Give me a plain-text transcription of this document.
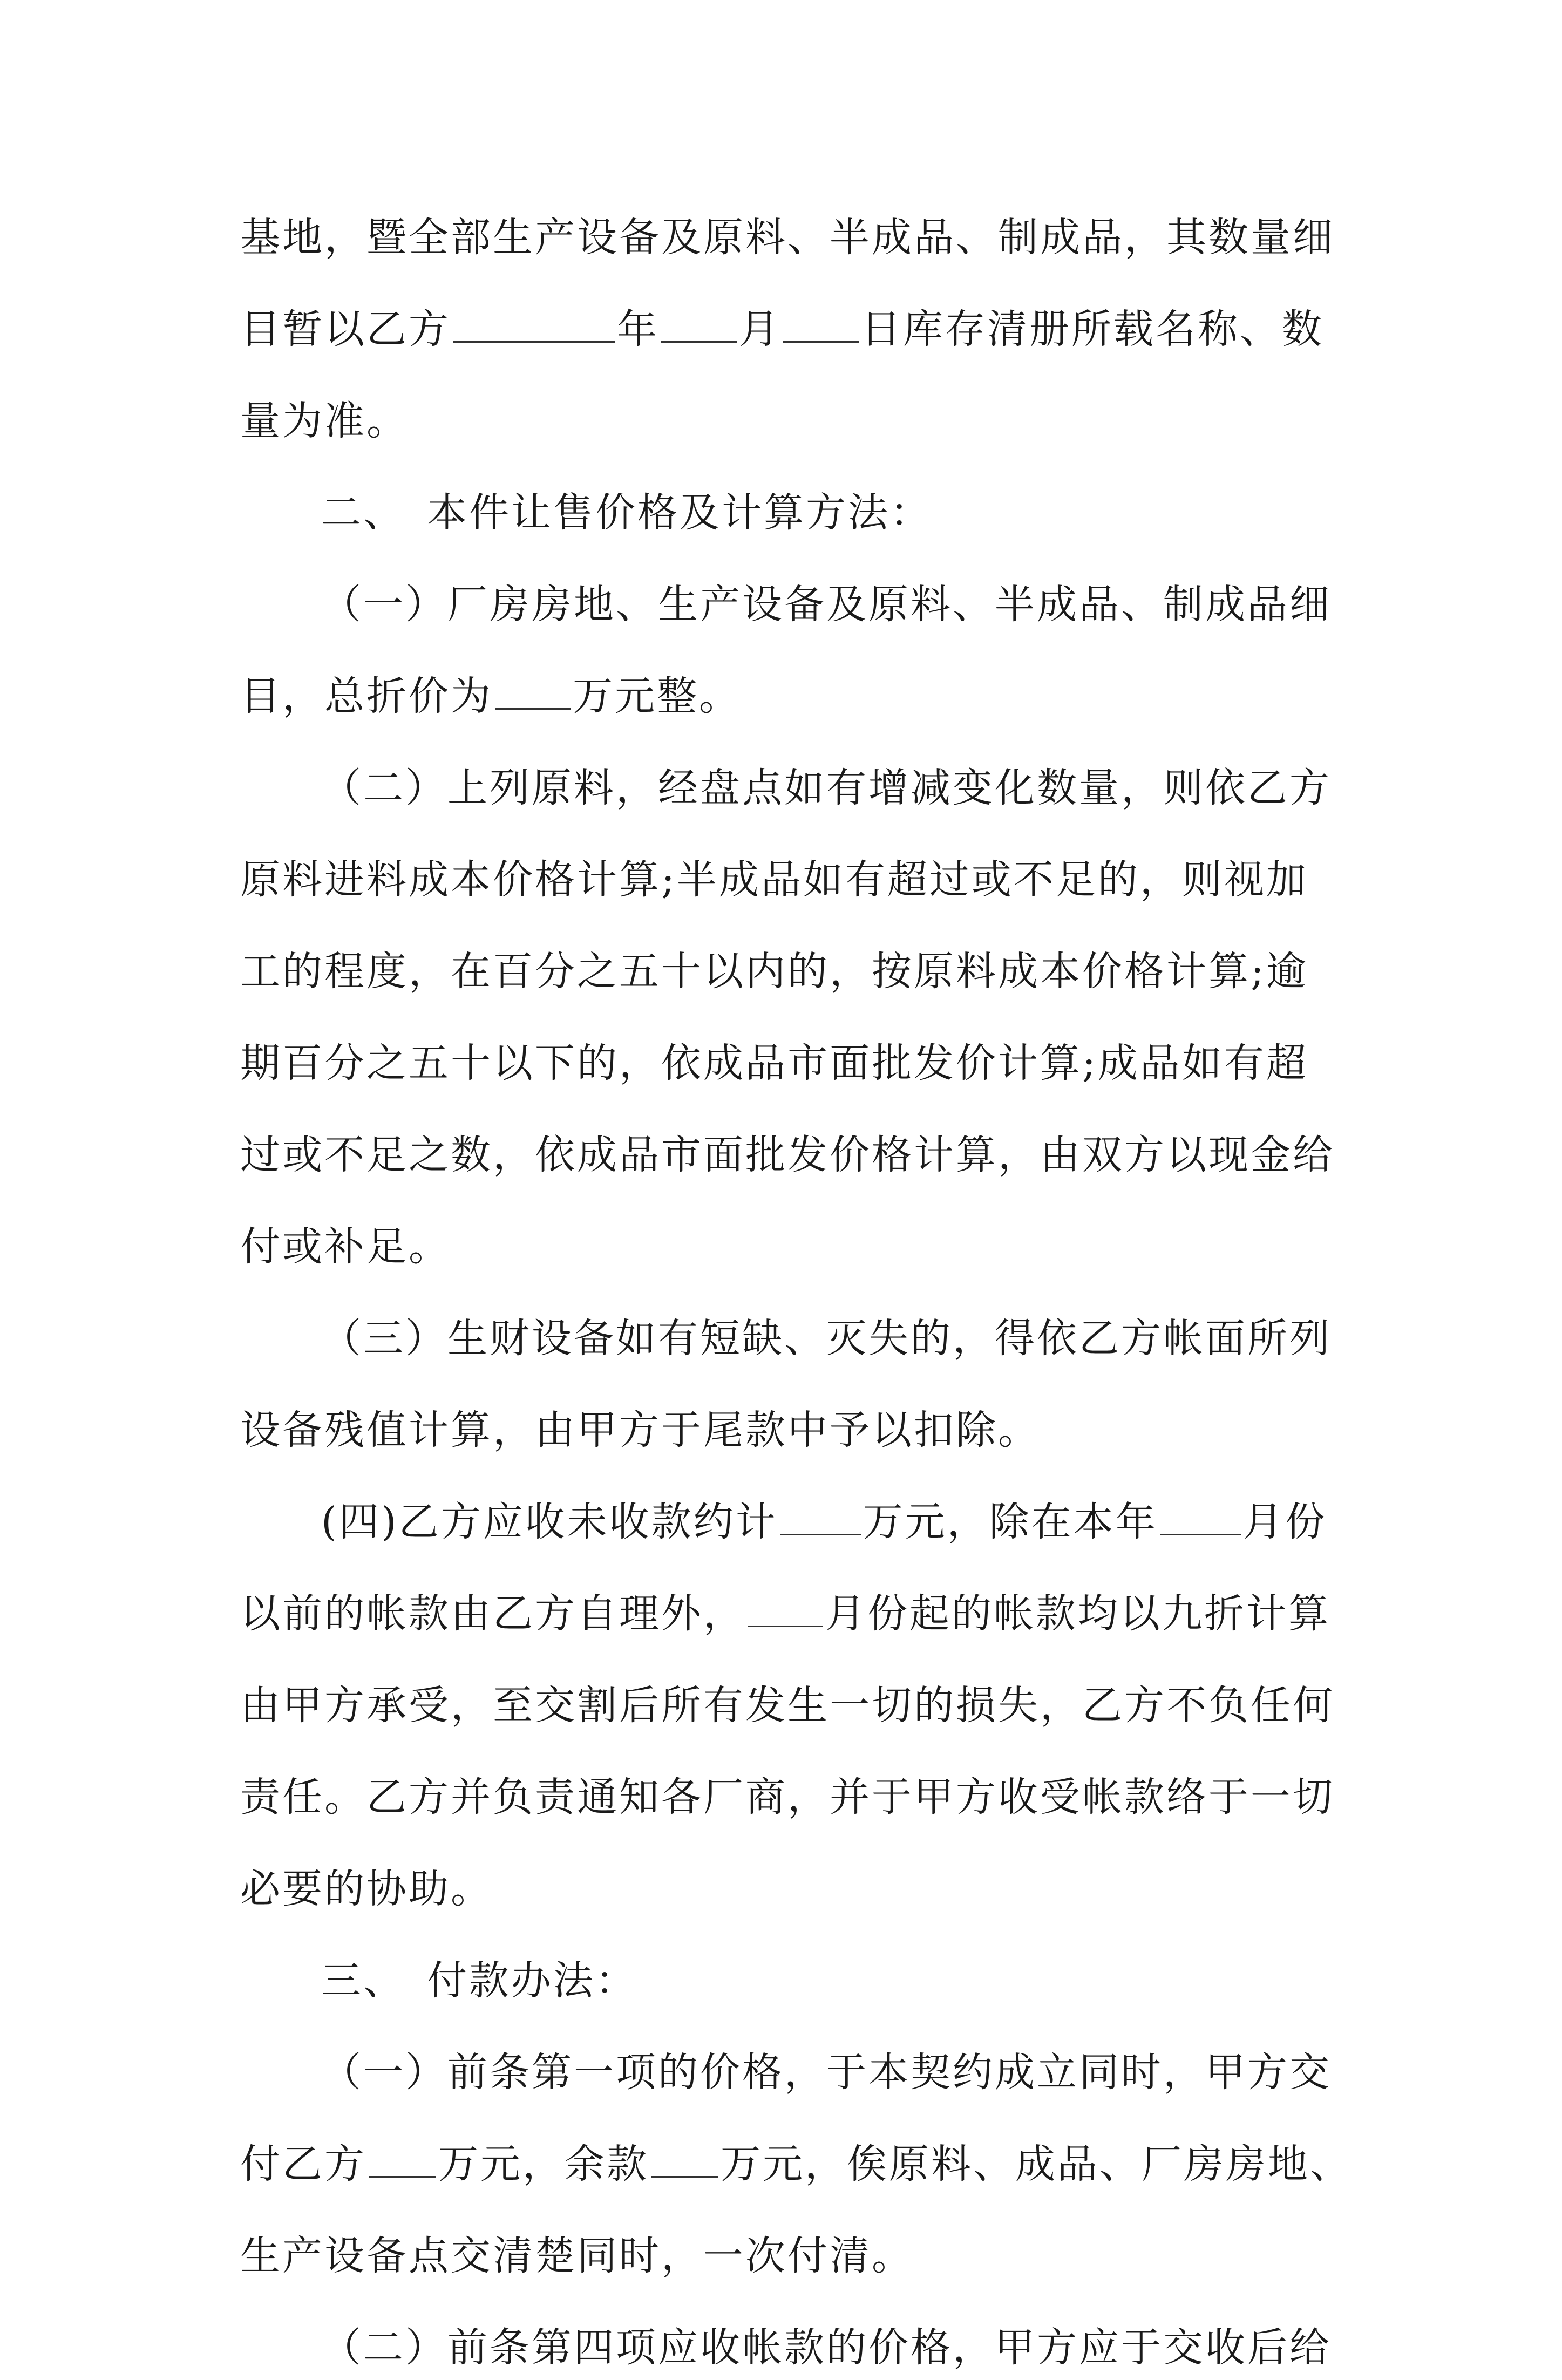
基地，暨全部生产设备及原料、半成品、制成品，其数量细
目暂以乙方	年 月 日库存清册所载名称、数
量为准。
二、 本件让售价格及计算方法：
（一）厂房房地、生产设备及原料、半成品、制成品细
目，总折价为 万元整。
（二）上列原料，经盘点如有增减变化数量，则依乙方
原料进料成本价格计算;半成品如有超过或不足的，则视加
工的程度，在百分之五十以内的，按原料成本价格计算;逾
期百分之五十以下的，依成品市面批发价计算;成品如有超
过或不足之数，依成品市面批发价格计算，由双方以现金给
付或补足。
（三）生财设备如有短缺、灭失的，得依乙方帐面所列
设备残值计算，由甲方于尾款中予以扣除。
(四)乙方应收未收款约计 万元，除在本年 月份
以前的帐款由乙方自理外， 月份起的帐款均以九折计算
由甲方承受，至交割后所有发生一切的损失，乙方不负任何
责任。乙方并负责通知各厂商，并于甲方收受帐款络于一切
必要的协助。
三、 付款办法：
（一）前条第一项的价格，于本契约成立同时，甲方交
付乙方 万元，余款 万元，俟原料、成品、厂房房地、
生产设备点交清楚同时，一次付清。
（二）前条第四项应收帐款的价格，甲方应于交收后给
